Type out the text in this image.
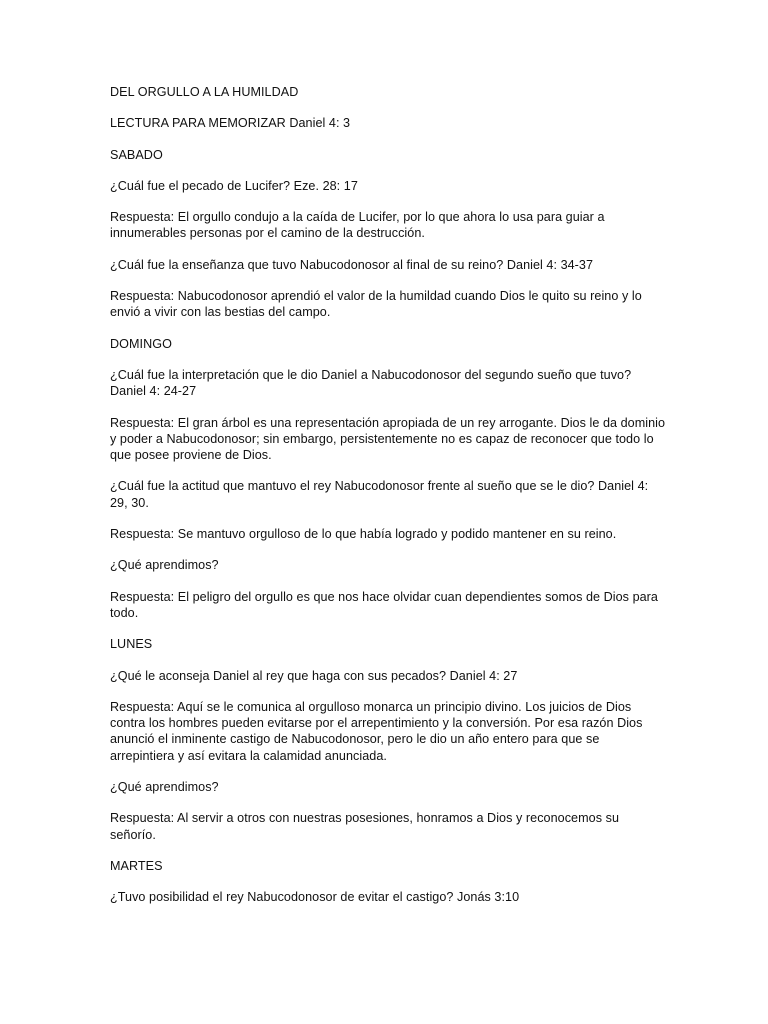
DEL ORGULLO A LA HUMILDAD

LECTURA PARA MEMORIZAR Daniel 4: 3

SABADO

¿Cuál fue el pecado de Lucifer? Eze. 28: 17

Respuesta: El orgullo condujo a la caída de Lucifer, por lo que ahora lo usa para guiar a innumerables personas por el camino de la destrucción.

¿Cuál fue la enseñanza que tuvo Nabucodonosor al final de su reino? Daniel 4: 34-37

Respuesta: Nabucodonosor aprendió el valor de la humildad cuando Dios le quito su reino y lo envió a vivir con las bestias del campo.

DOMINGO

¿Cuál fue la interpretación que le dio Daniel a Nabucodonosor del segundo sueño que tuvo? Daniel 4: 24-27

Respuesta: El gran árbol es una representación apropiada de un rey arrogante. Dios le da dominio y poder a Nabucodonosor; sin embargo, persistentemente no es capaz de reconocer que todo lo que posee proviene de Dios.

¿Cuál fue la actitud que mantuvo el rey Nabucodonosor frente al sueño que se le dio? Daniel 4: 29, 30.

Respuesta: Se mantuvo orgulloso de lo que había logrado y podido mantener en su reino.

¿Qué aprendimos?

Respuesta: El peligro del orgullo es que nos hace olvidar cuan dependientes somos de Dios para todo.

LUNES

¿Qué le aconseja Daniel al rey que haga con sus pecados? Daniel 4: 27

Respuesta: Aquí se le comunica al orgulloso monarca un principio divino. Los juicios de Dios contra los hombres pueden evitarse por el arrepentimiento y la conversión. Por esa razón Dios anunció el inminente castigo de Nabucodonosor, pero le dio un año entero para que se arrepintiera y así evitara la calamidad anunciada.

¿Qué aprendimos?

Respuesta: Al servir a otros con nuestras posesiones, honramos a Dios y reconocemos su señorío.

MARTES

¿Tuvo posibilidad el rey Nabucodonosor de evitar el castigo? Jonás 3:10
